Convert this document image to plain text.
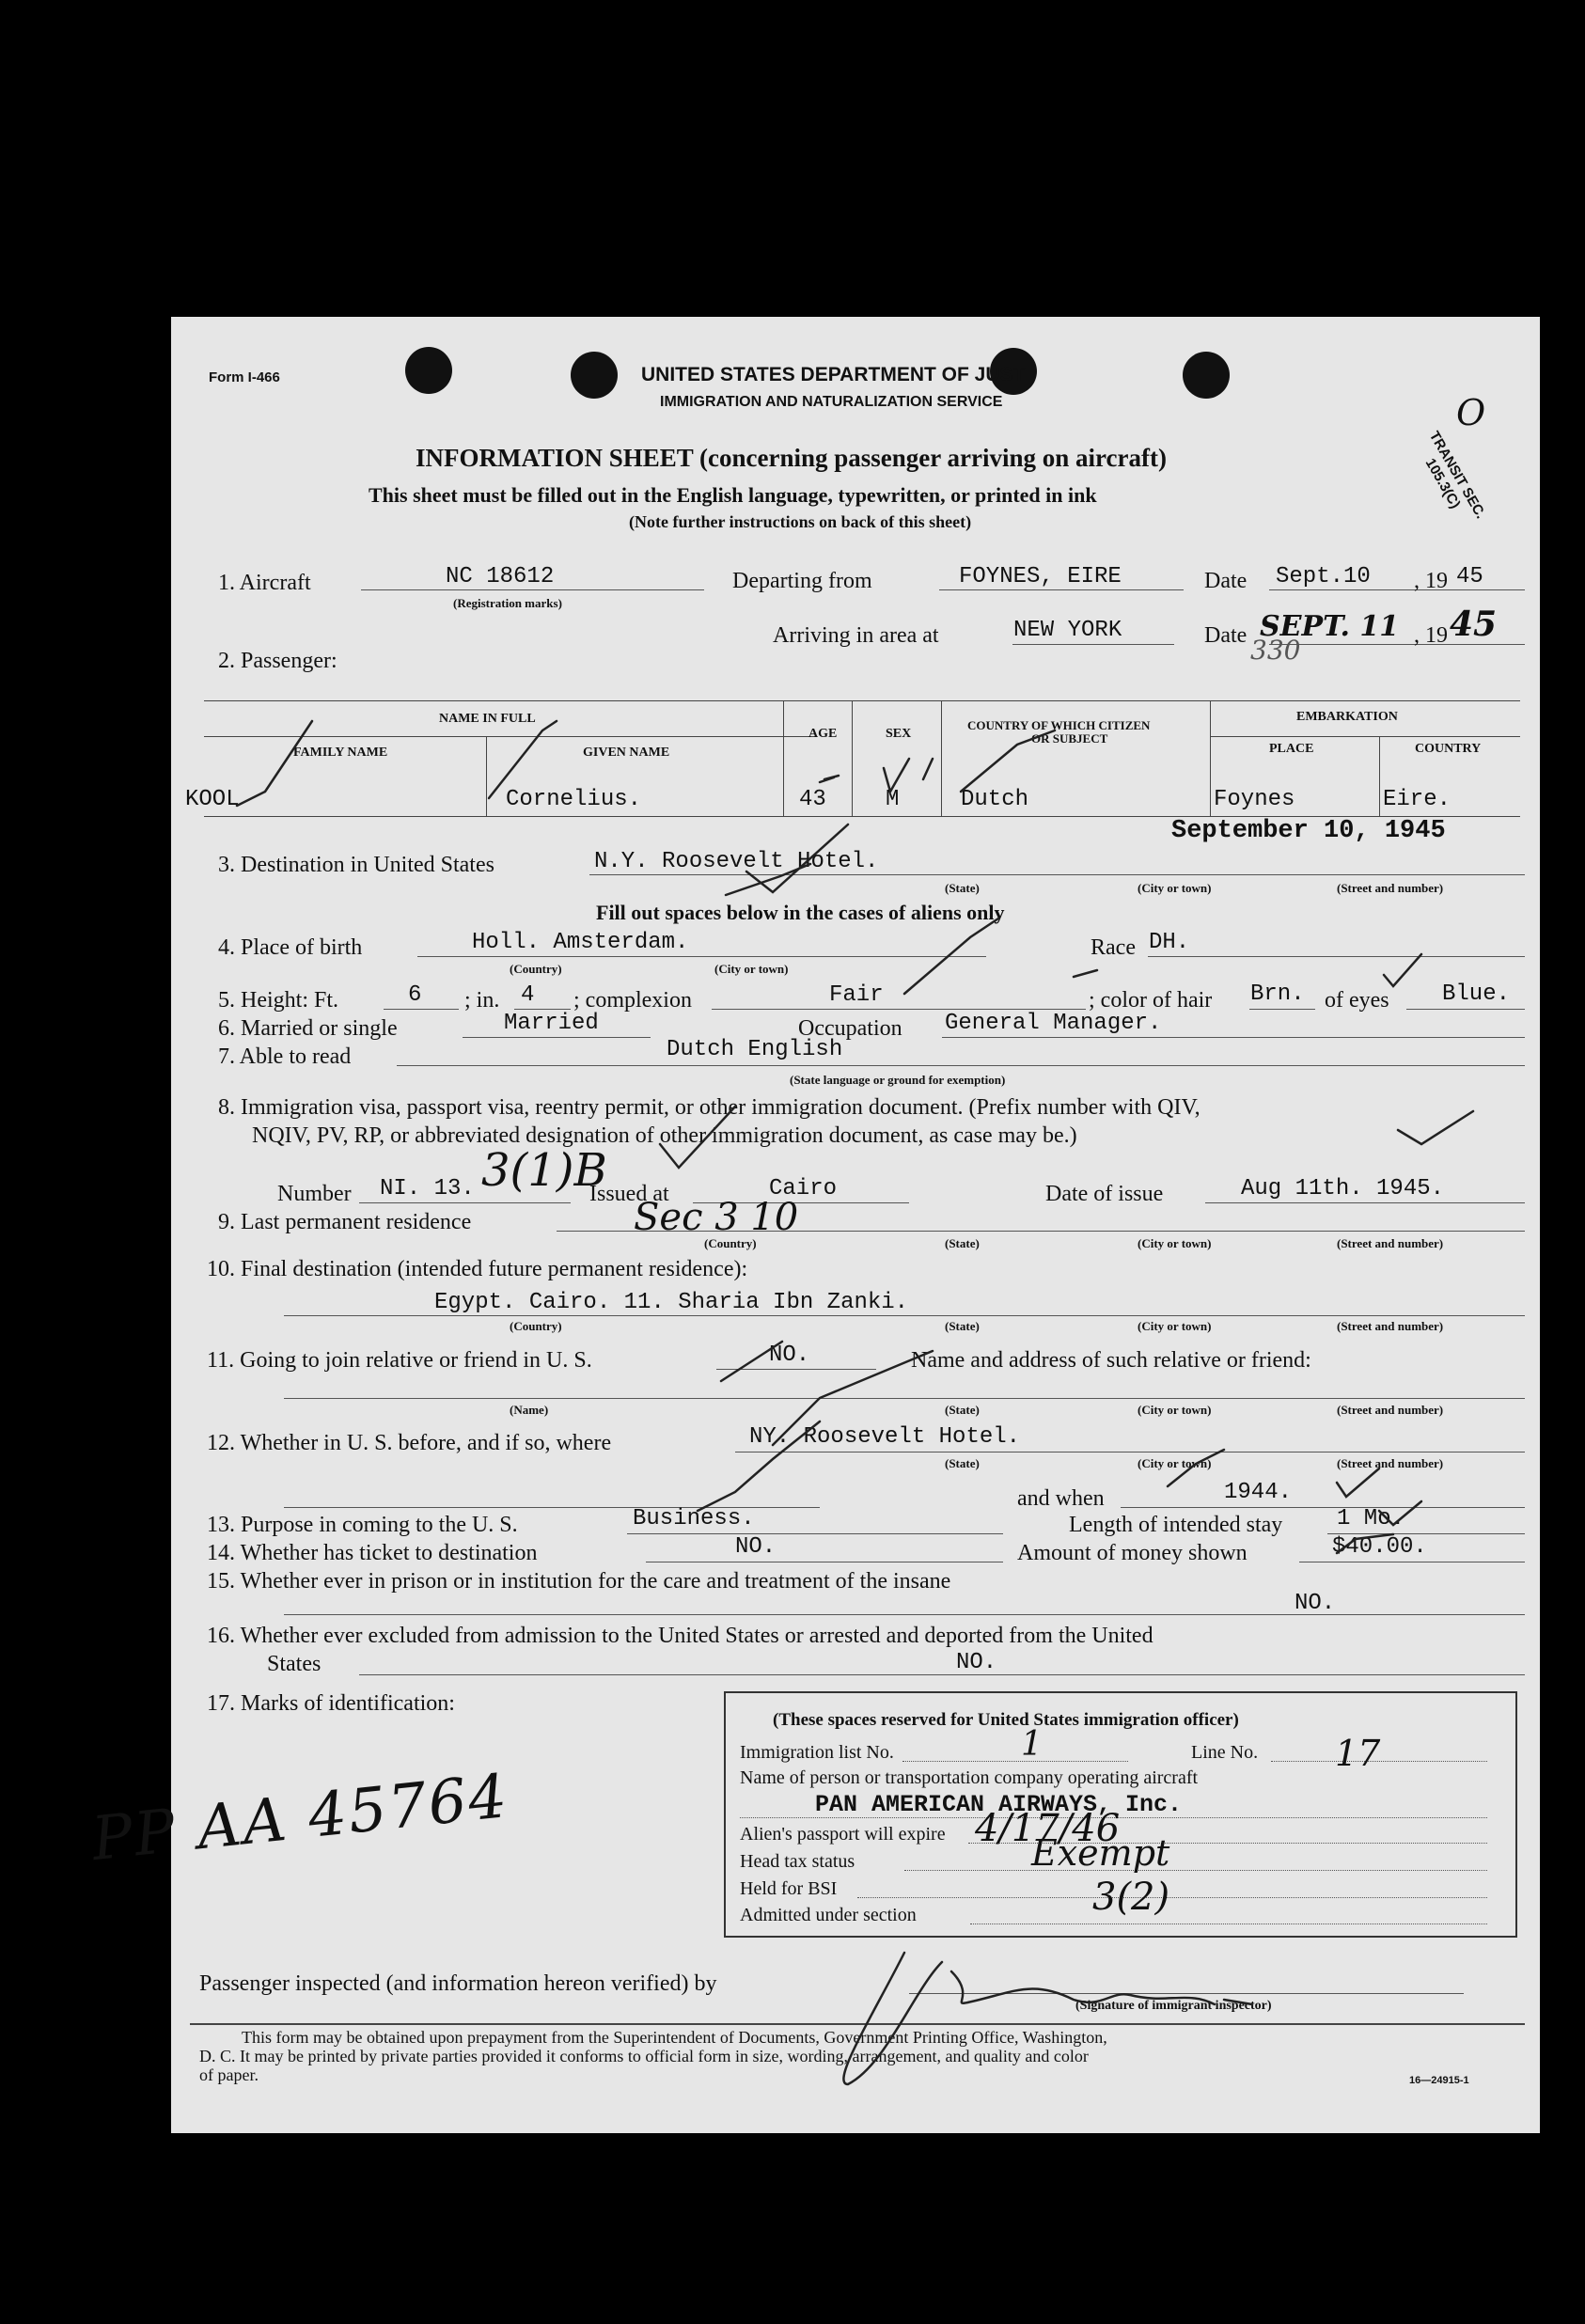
Form I-466	UNITED STATES DEPARTMENT OF JUST
IMMIGRATION AND NATURALIZATION SERVICE	O
TRANSIT SEC. 105.3(C)
INFORMATION SHEET (concerning passenger arriving on aircraft)
This sheet must be filled out in the English language, typewritten, or printed in ink
(Note further instructions on back of this sheet)
1. Aircraft	NC 18612
(Registration marks)
Departing from	FOYNES, EIRE	Date Sept.10 , 19 45
Arriving in area at	NEW YORK	Date 330
SEPT. 11 , 19 45
2. Passenger:
NAME IN FULL
FAMILY NAME	GIVEN NAME
AGE	SEX
COUNTRY OF WHICH CITIZEN
OR SUBJECT
EMBARKATION
PLACE	COUNTRY
KOOL	Cornelius.	43	M	Dutch	Foynes	Eire.
September 10, 1945
3. Destination in United States	N.Y. Roosevelt Hotel.
(State)	(City or town)	(Street and number)
Fill out spaces below in the cases of aliens only
4. Place of birth	Holl. Amsterdam.
(Country)	(City or town)
Race DH.
5. Height: Ft.	6 ; in. 4 ; complexion	Fair	; color of hair Brn. of eyes Blue.
6. Married or single	Married	Occupation General Manager.
7. Able to read	Dutch English
(State language or ground for exemption)
8. Immigration visa, passport visa, reentry permit, or other immigration document. (Prefix number with QIV,
NQIV, PV, RP, or abbreviated designation of other immigration document, as case may be.)
Number NI. 13. 3(1)B
Issued at	Cairo	Date of issue	Aug 11th. 1945.
9. Last permanent residence	Sec 3 10
(Country)	(State)	(City or town)	(Street and number)
10. Final destination (intended future permanent residence):
Egypt. Cairo. 11. Sharia Ibn Zanki.
(Country)	(State)	(City or town)	(Street and number)
11. Going to join relative or friend in U. S.	NO.	Name and address of such relative or friend:
(Name)	(State)	(City or town)	(Street and number)
12. Whether in U. S. before, and if so, where	NY. Roosevelt Hotel.
(State)	(City or town)	(Street and number)
and when	1944.
13. Purpose in coming to the U. S.	Business.	Length of intended stay 1 Mo.
14. Whether has ticket to destination	NO.	Amount of money shown	$40.00.
15. Whether ever in prison or in institution for the care and treatment of the insane
NO.
16. Whether ever excluded from admission to the United States or arrested and deported from the United
States	NO.
17. Marks of identification:
PP AA 45764
(These spaces reserved for United States immigration officer)
Immigration list No.	1	Line No. 17
Name of person or transportation company operating aircraft
PAN AMERICAN AIRWAYS, Inc.
Alien's passport will expire 4/17/46
Head tax status	Exempt
Held for BSI
Admitted under section	3(2)
Passenger inspected (and information hereon verified) by
(Signature of immigrant inspector)
This form may be obtained upon prepayment from the Superintendent of Documents, Government Printing Office, Washington,
D. C. It may be printed by private parties provided it conforms to official form in size, wording, arrangement, and quality and color
of paper.	16—24915-1
